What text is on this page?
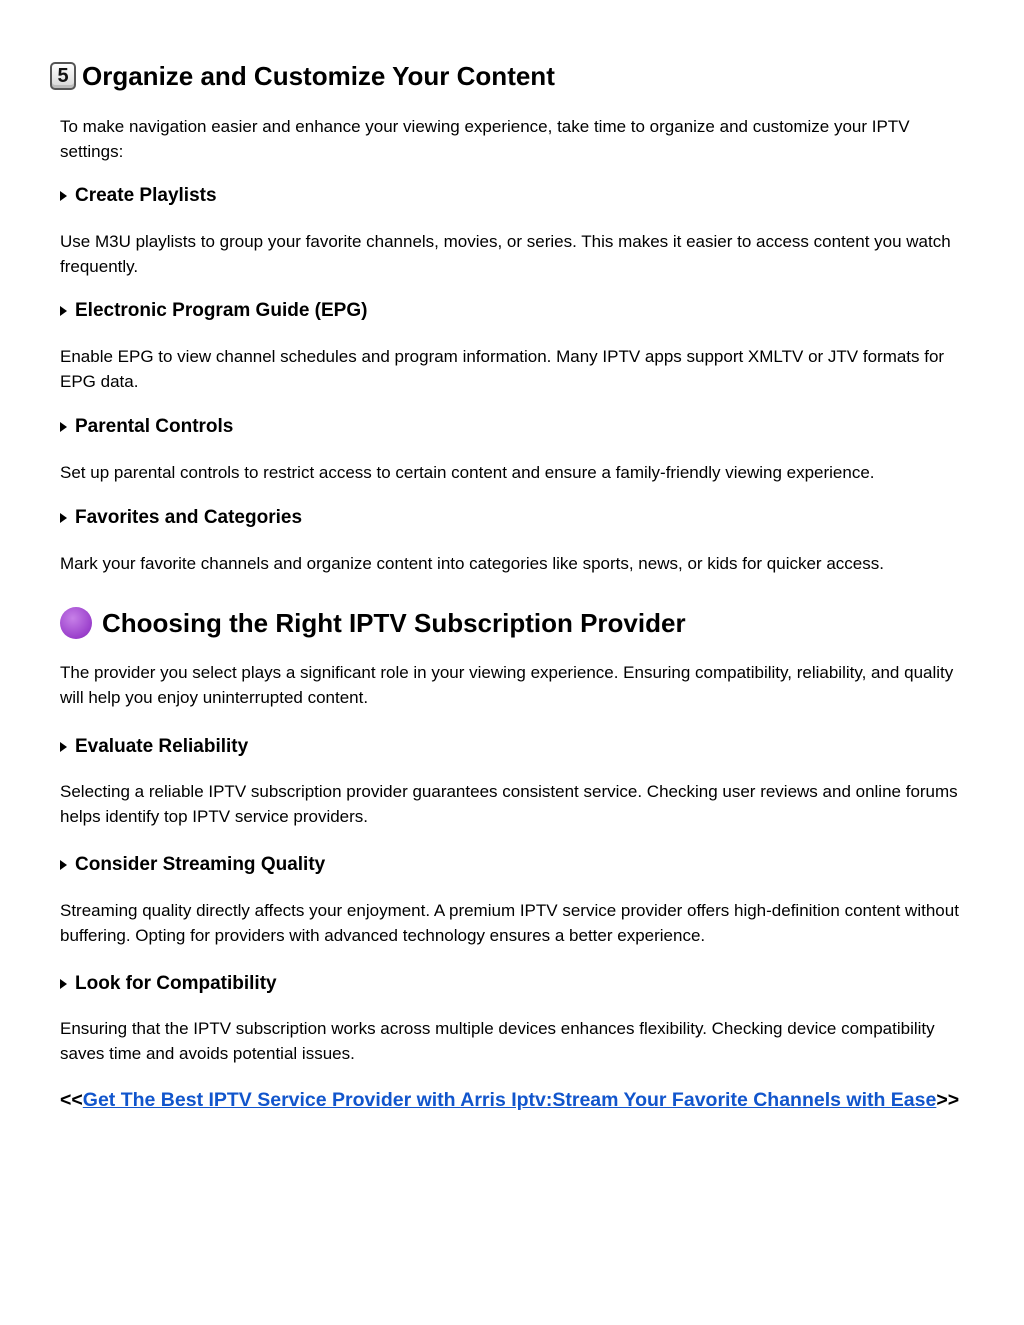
5 Organize and Customize Your Content

To make navigation easier and enhance your viewing experience, take time to organize and customize your IPTV settings:

Create Playlists

Use M3U playlists to group your favorite channels, movies, or series. This makes it easier to access content you watch frequently.

Electronic Program Guide (EPG)

Enable EPG to view channel schedules and program information. Many IPTV apps support XMLTV or JTV formats for EPG data.

Parental Controls

Set up parental controls to restrict access to certain content and ensure a family-friendly viewing experience.

Favorites and Categories

Mark your favorite channels and organize content into categories like sports, news, or kids for quicker access.

Choosing the Right IPTV Subscription Provider

The provider you select plays a significant role in your viewing experience. Ensuring compatibility, reliability, and quality will help you enjoy uninterrupted content.

Evaluate Reliability

Selecting a reliable IPTV subscription provider guarantees consistent service. Checking user reviews and online forums helps identify top IPTV service providers.

Consider Streaming Quality

Streaming quality directly affects your enjoyment. A premium IPTV service provider offers high-definition content without buffering. Opting for providers with advanced technology ensures a better experience.

Look for Compatibility

Ensuring that the IPTV subscription works across multiple devices enhances flexibility. Checking device compatibility saves time and avoids potential issues.

<<Get The Best IPTV Service Provider with Arris Iptv:Stream Your Favorite Channels with Ease>>
